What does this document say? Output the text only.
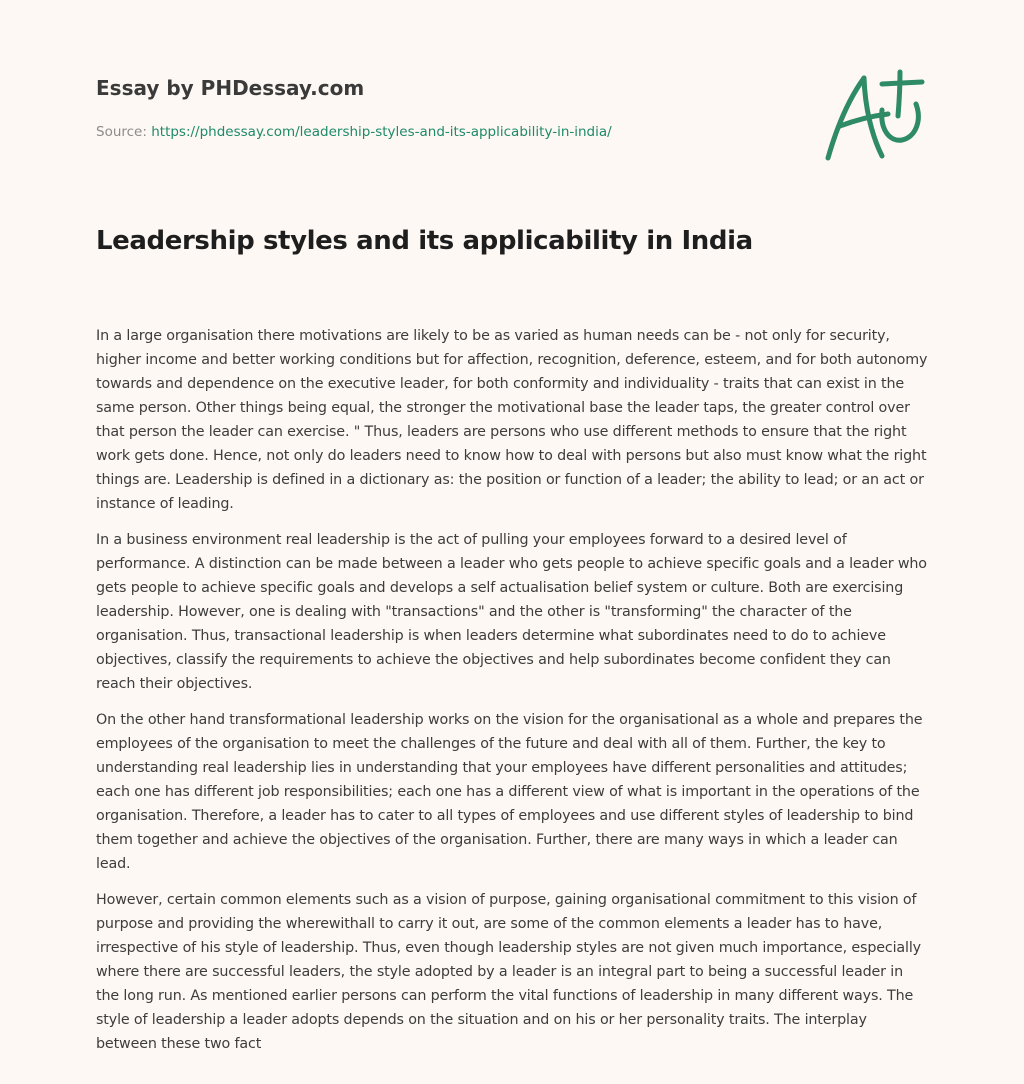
Essay by PHDessay.com
Source: https://phdessay.com/leadership-styles-and-its-applicability-in-india/
Leadership styles and its applicability in India

In a large organisation there motivations are likely to be as varied as human needs can be - not only for security, higher income and better working conditions but for affection, recognition, deference, esteem, and for both autonomy towards and dependence on the executive leader, for both conformity and individuality - traits that can exist in the same person. Other things being equal, the stronger the motivational base the leader taps, the greater control over that person the leader can exercise. " Thus, leaders are persons who use different methods to ensure that the right work gets done. Hence, not only do leaders need to know how to deal with persons but also must know what the right things are. Leadership is defined in a dictionary as: the position or function of a leader; the ability to lead; or an act or instance of leading.

In a business environment real leadership is the act of pulling your employees forward to a desired level of performance. A distinction can be made between a leader who gets people to achieve specific goals and a leader who gets people to achieve specific goals and develops a self actualisation belief system or culture. Both are exercising leadership. However, one is dealing with "transactions" and the other is "transforming" the character of the organisation. Thus, transactional leadership is when leaders determine what subordinates need to do to achieve objectives, classify the requirements to achieve the objectives and help subordinates become confident they can reach their objectives.

On the other hand transformational leadership works on the vision for the organisational as a whole and prepares the employees of the organisation to meet the challenges of the future and deal with all of them. Further, the key to understanding real leadership lies in understanding that your employees have different personalities and attitudes; each one has different job responsibilities; each one has a different view of what is important in the operations of the organisation. Therefore, a leader has to cater to all types of employees and use different styles of leadership to bind them together and achieve the objectives of the organisation. Further, there are many ways in which a leader can lead.

However, certain common elements such as a vision of purpose, gaining organisational commitment to this vision of purpose and providing the wherewithall to carry it out, are some of the common elements a leader has to have, irrespective of his style of leadership. Thus, even though leadership styles are not given much importance, especially where there are successful leaders, the style adopted by a leader is an integral part to being a successful leader in the long run. As mentioned earlier persons can perform the vital functions of leadership in many different ways. The style of leadership a leader adopts depends on the situation and on his or her personality traits. The interplay between these two fact
